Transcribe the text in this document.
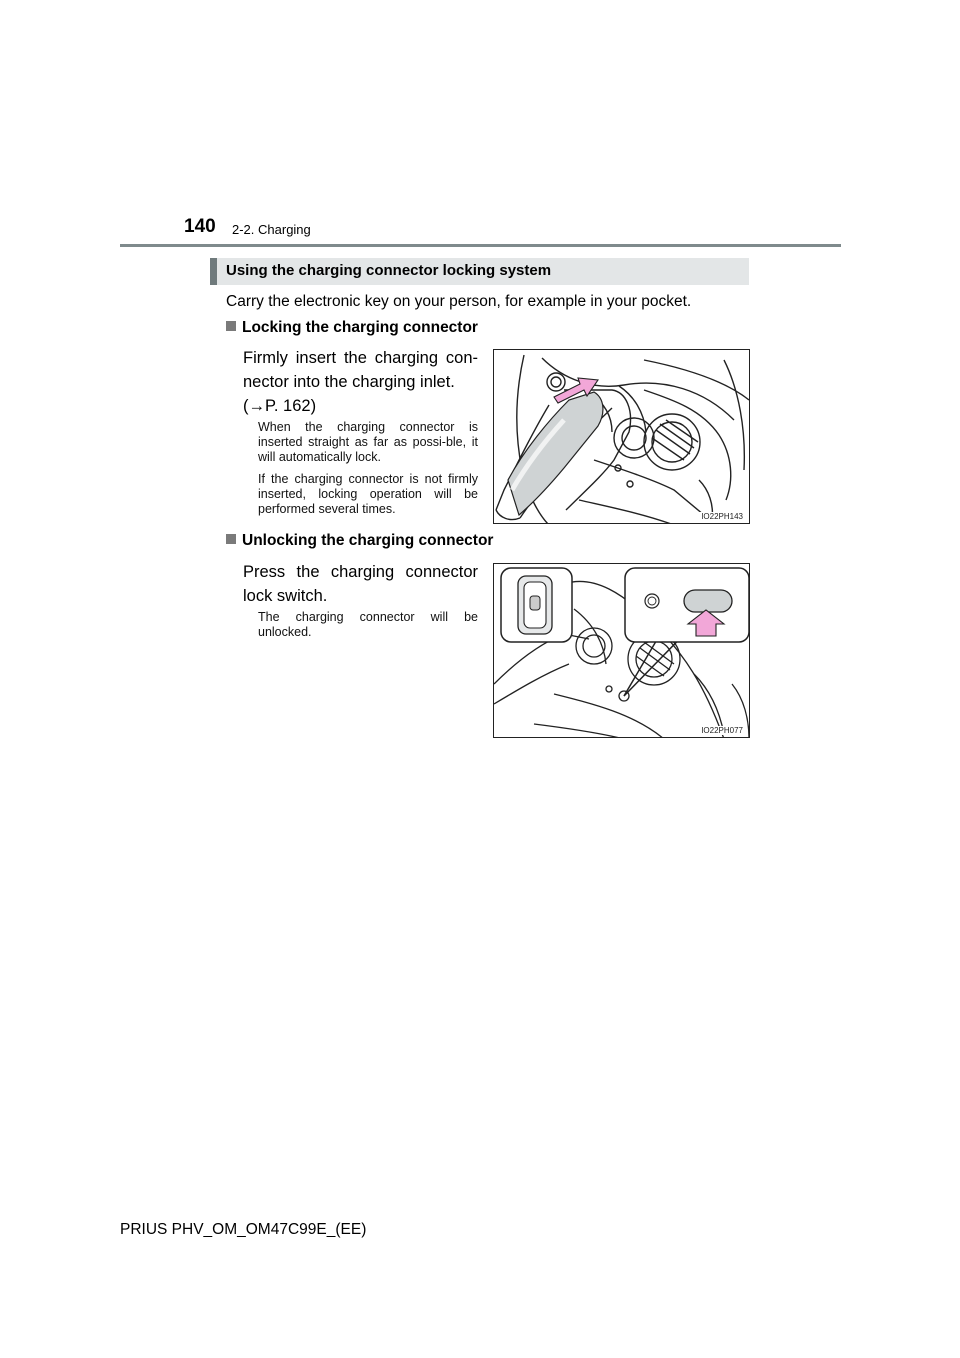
140 2-2. Charging
Using the charging connector locking system
Carry the electronic key on your person, for example in your pocket.
Locking the charging connector
Firmly insert the charging con-nector into the charging inlet.
(→P. 162)
When the charging connector is inserted straight as far as possi-ble, it will automatically lock.
If the charging connector is not firmly inserted, locking operation will be performed several times.
IO22PH143
Unlocking the charging connector
Press the charging connector lock switch.
The charging connector will be unlocked.
IO22PH077
PRIUS PHV_OM_OM47C99E_(EE)
